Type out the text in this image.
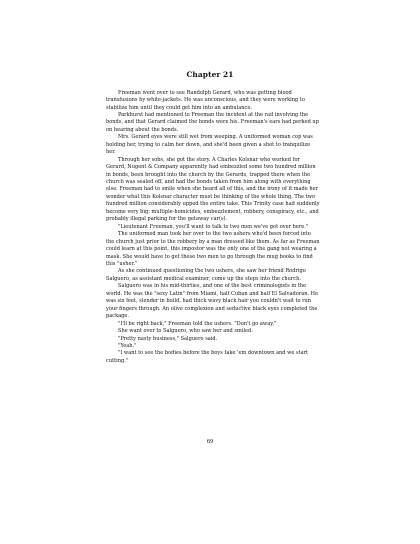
Chapter 21

Freeman went over to see Randolph Gerard, who was getting blood transfusions by white-jackets. He was unconscious, and they were working to stabilize him until they could get him into an ambulance.

Parkhurst had mentioned to Freeman the incident at the rail involving the bonds, and that Gerard claimed the bonds were his. Freeman's ears had perked up on hearing about the bonds.

Mrs. Gerard eyes were still wet from weeping. A uniformed woman cop was holding her, trying to calm her down, and she'd been given a shot to tranquilize her.

Through her sobs, she got the story. A Charles Kolsnar who worked for Gerard, Nugent & Company apparently had embezzled some two hundred million in bonds, been brought into the church by the Gerards, trapped there when the church was sealed off, and had the bonds taken from him along with everything else. Freeman had to smile when she heard all of this, and the irony of it made her wonder what this Kolsnar character must be thinking of the whole thing. The two hundred million considerably upped the entire take. This Trinity case had suddenly become very big: multiple-homicides, embezzlement, robbery, conspiracy, etc., and probably illegal parking for the getaway car(s).

"Lieutenant Freeman, you'll want to talk to two men we've got over here."

The uniformed man took her over to the two ushers who'd been forced into the church just prior to the robbery by a man dressed like them. As far as Freeman could learn at this point, this impostor was the only one of the gang not wearing a mask. She would have to get these two men to go through the mug books to find this "usher."

As she continued questioning the two ushers, she saw her friend Rodrigo Salguero, as assistant medical examiner, come up the steps into the church.

Salguero was in his mid-thirties, and one of the best criminologists in the world. He was the "sexy Latin" from Miami, half Cuban and half El Salvadoran. He was six feet, slender in build, had thick wavy black hair you couldn't wait to run your fingers through. An olive complexion and seductive black eyes completed the package.

"I'll be right back," Freeman told the ushers. "Don't go away."

She want over to Salguero, who saw her and smiled.

"Pretty nasty business," Salguero said.

"Yeah."

"I want to see the bodies before the boys take 'em downtown and we start cutting."

69
